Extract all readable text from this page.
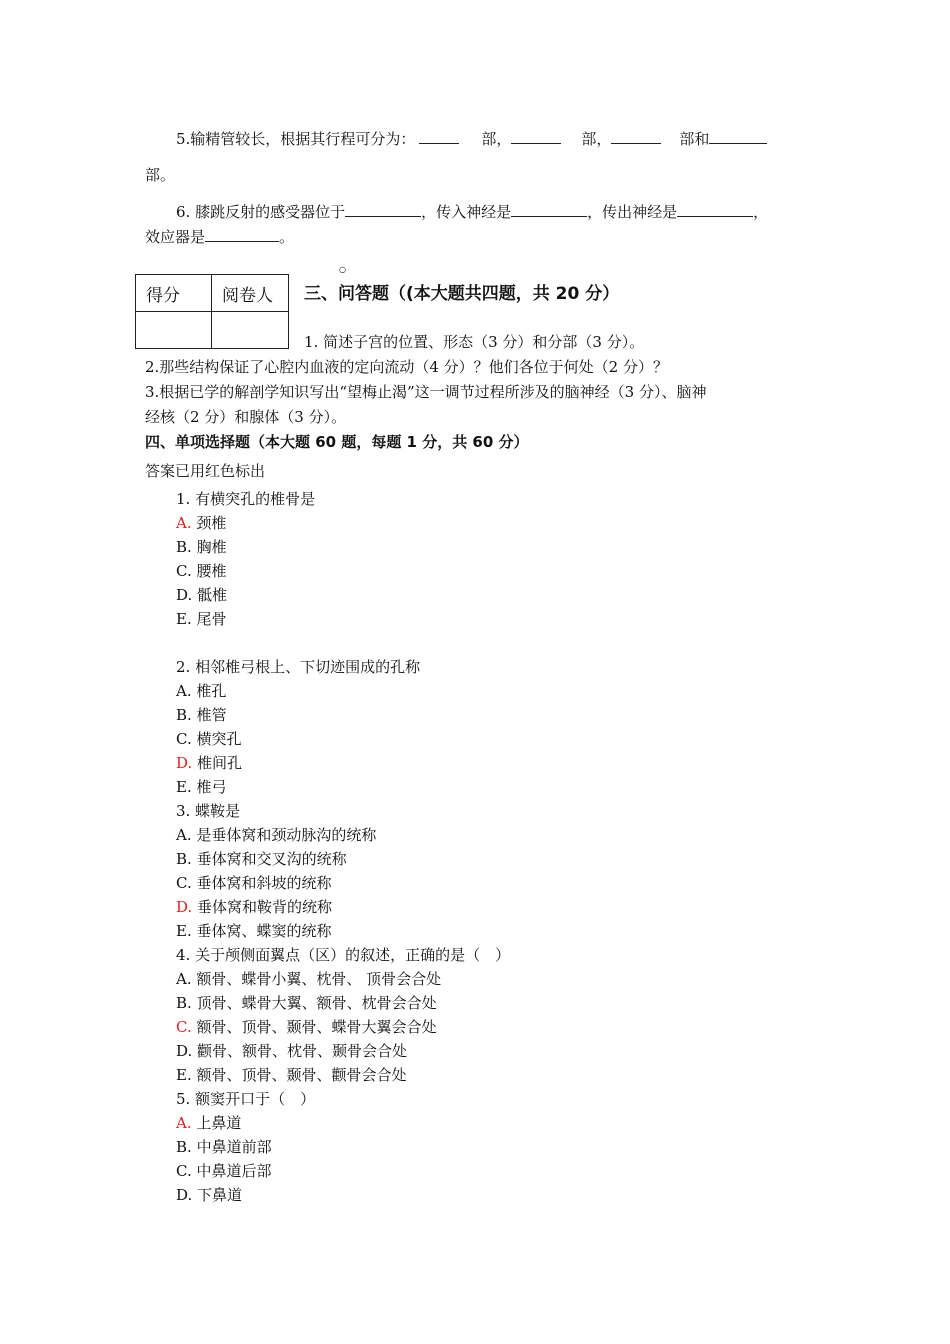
5.输精管较长，根据其行程可分为：	部，	部，	部和
部。
6. 膝跳反射的感受器位于	，传入神经是	，传出神经是	，
效应器是	。
○
得分	阅卷人
	三、问答题（(本大题共四题，共 20 分）
1. 简述子宫的位置、形态（3 分）和分部（3 分）。
2.那些结构保证了心腔内血液的定向流动（4 分）？他们各位于何处（2 分）？
3.根据已学的解剖学知识写出“望梅止渴”这一调节过程所涉及的脑神经（3 分）、脑神
经核（2 分）和腺体（3 分）。
四、单项选择题（本大题 60 题，每题 1 分，共 60 分）
答案已用红色标出
1. 有横突孔的椎骨是
A. 颈椎
B. 胸椎
C. 腰椎
D. 骶椎
E. 尾骨
2. 相邻椎弓根上、下切迹围成的孔称
A. 椎孔
B. 椎管
C. 横突孔
D. 椎间孔
E. 椎弓
3. 蝶鞍是
A. 是垂体窝和颈动脉沟的统称
B. 垂体窝和交叉沟的统称
C. 垂体窝和斜坡的统称
D. 垂体窝和鞍背的统称
E. 垂体窝、蝶窦的统称
4. 关于颅侧面翼点（区）的叙述，正确的是（　）
A. 额骨、蝶骨小翼、枕骨、 顶骨会合处
B. 顶骨、蝶骨大翼、额骨、枕骨会合处
C. 额骨、顶骨、颞骨、蝶骨大翼会合处
D. 颧骨、额骨、枕骨、颞骨会合处
E. 额骨、顶骨、颞骨、颧骨会合处
5. 额窦开口于（　）
A. 上鼻道
B. 中鼻道前部
C. 中鼻道后部
D. 下鼻道
